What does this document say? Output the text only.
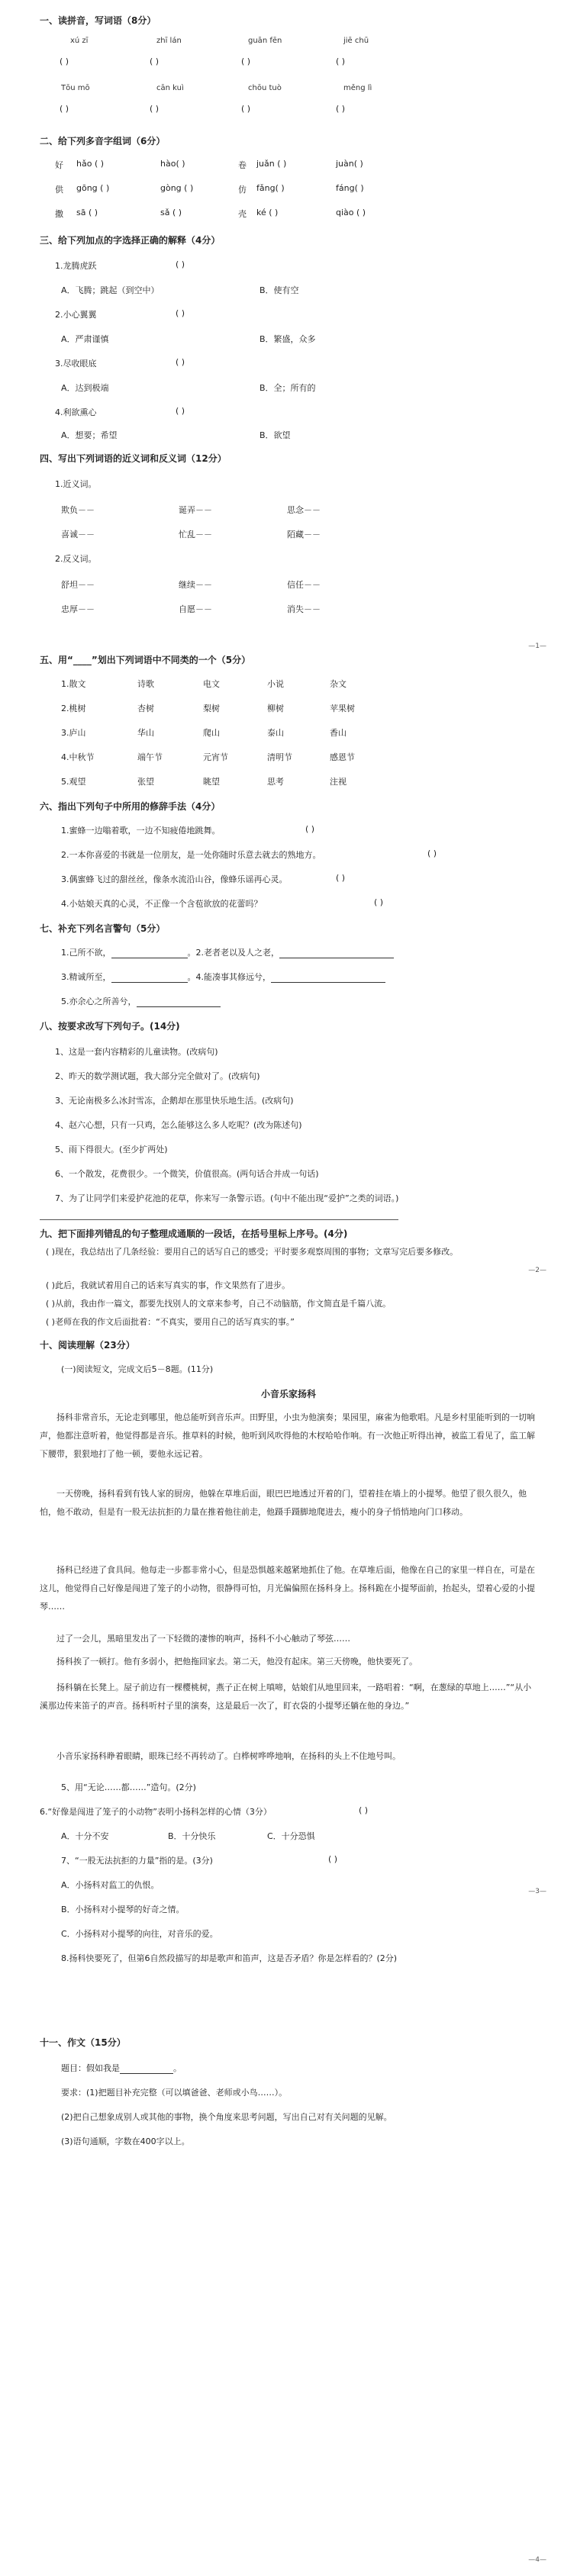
一、读拼音，写词语（8分）
xú zī	zhī lán	guān fēn	jiē chū
( )	( )	( )	( )
Tōu mō	cān kuì	chōu tuò	měng lì
( )	( )	( )	( )
二、给下列多音字组词（6分）
好 hǎo ( )	hào( )	卷 juǎn ( )	juàn( )
供 gōng ( )	gòng ( )	仿 fǎng( )	fáng( )
撒 sā ( )	sǎ ( )	壳 ké ( )	qiào ( )
三、给下列加点的字选择正确的解释（4分）
1.龙腾虎跃	( )
A．飞腾；跳起（到空中）	B．使有空
2.小心翼翼	( )
A．严肃谨慎	B．繁盛，众多
3.尽收眼底	( )
A．达到极端	B．全；所有的
4.利欲熏心	( )
A．想要；希望	B．欲望
四、写出下列词语的近义词和反义词（12分）
1.近义词。
欺负－－	诞弄－－	思念－－
喜诚－－	忙乱－－	陌藏－－
2.反义词。
舒坦－－	继续－－	信任－－
忠厚－－	自愿－－	消失－－
—1—
五、用“____”划出下列词语中不同类的一个（5分）
1.散文	诗歌	电文	小说	杂文
2.桃树	杏树	梨树	柳树	苹果树
3.庐山	华山	爬山	泰山	香山
4.中秋节	端午节	元宵节	清明节	感恩节
5.观望	张望	眺望	思考	注视
六、指出下列句子中所用的修辞手法（4分）
1.蜜蜂一边嗡着歌，一边不知疲倦地跳舞。	( )
2.一本你喜爱的书就是一位朋友，是一处你随时乐意去就去的熟地方。	( )
3.偶蜜蜂飞过的甜丝丝，像条水流沿山谷，像蜂乐谣再心灵。	( )
4.小姑娘天真的心灵，不正像一个含苞欲放的花蕾吗？	( )
七、补充下列名言警句（5分）
1.己所不欲，	。2.老者老以及人之老，
3.精诚所至，	。4.能凑事其修远兮，
5.亦余心之所善兮，
八、按要求改写下列句子。(14分)
1、这是一套内容精彩的儿童读物。(改病句)
2、昨天的数学测试题，我大部分完全做对了。(改病句)
3、无论南极多么冰封雪冻，企鹅却在那里快乐地生活。(改病句)
4、赵六心想，只有一只鸡，怎么能够这么多人吃呢？(改为陈述句)
5、雨下得很大。(至少扩两处)
6、一个散发，花费很少。一个微笑，价值很高。(两句话合并成一句话)
7、为了让同学们来爱护花池的花草，你来写一条警示语。(句中不能出现“爱护”之类的词语。)
九、把下面排列错乱的句子整理成通顺的一段话，在括号里标上序号。(4分)
( )现在，我总结出了几条经验：要用自己的话写自己的感受；平时要多观察周围的事物；文章写完后要多修改。
( )此后，我就试着用自己的话来写真实的事，作文果然有了进步。
—2—
( )从前，我由作一篇文，都要先找别人的文章来参考，自己不动脑筋，作文简直是千篇八流。
( )老师在我的作文后面批着：“不真实，要用自己的话写真实的事。”
十、阅读理解（23分）
(一)阅读短文，完成文后5－8题。(11分)
小音乐家扬科
扬科非常音乐，无论走到哪里，他总能听到音乐声。田野里，小虫为他演奏；果园里，麻雀为他歌唱。凡是乡村里能听到的一切响声，他都注意听着，他觉得都是音乐。推草料的时候，他听到风吹得他的木杈哈哈作响。有一次他正听得出神，被监工看见了，监工解下腰带，狠狠地打了他一顿，要他永远记着。
一天傍晚，扬科看到有钱人家的厨房，他躲在草堆后面，眼巴巴地透过开着的门，望着挂在墙上的小提琴。他望了很久很久，他怕，他不敢动，但是有一股无法抗拒的力量在推着他往前走，他蹑手蹑脚地爬进去，瘦小的身子悄悄地向门口移动。
扬科已经进了食具间。他每走一步都非常小心，但是恐惧越来越紧地抓住了他。在草堆后面，他像在自己的家里一样自在，可是在这儿，他觉得自己好像是闯进了笼子的小动物，很静得可怕，月光偏偏照在扬科身上。扬科跪在小提琴面前，抬起头，望着心爱的小提琴……
过了一会儿，黑暗里发出了一下轻微的凄惨的响声，扬科不小心触动了琴弦……
扬科挨了一顿打。他有多弱小，把他拖回家去。第二天，他没有起床。第三天傍晚，他快要死了。
扬科躺在长凳上。屋子前边有一棵樱桃树，燕子正在树上嗔啼，姑娘们从地里回来，一路唱着：“啊，在葱绿的草地上……”“从小溪那边传来笛子的声音。扬科听村子里的演奏，这是最后一次了，盯衣袋的小提琴还躺在他的身边。”
小音乐家扬科睁着眼睛，眼珠已经不再转动了。白桦树哗哗地响，在扬科的头上不住地号叫。
5、用“无论……都……”造句。(2分)
6.“好像是闯进了笼子的小动物”表明小扬科怎样的心情（3分）	( )
A．十分不安	B．十分快乐	C．十分恐惧
7、“一股无法抗拒的力量”指的是。(3分)	( )
A．小扬科对监工的仇恨。
—3—
B．小扬科对小提琴的好奇之情。
C．小扬科对小提琴的向往，对音乐的爱。
8.扬科快要死了，但第6自然段描写的却是歌声和笛声，这是否矛盾？你是怎样看的？(2分)
十一、作文（15分）
题目：假如我是	。
要求：(1)把题目补充完整（可以填爸爸、老师或小鸟……）。
(2)把自己想象成别人或其他的事物，换个角度来思考问题，写出自己对有关问题的见解。
(3)语句通顺，字数在400字以上。
—4—
